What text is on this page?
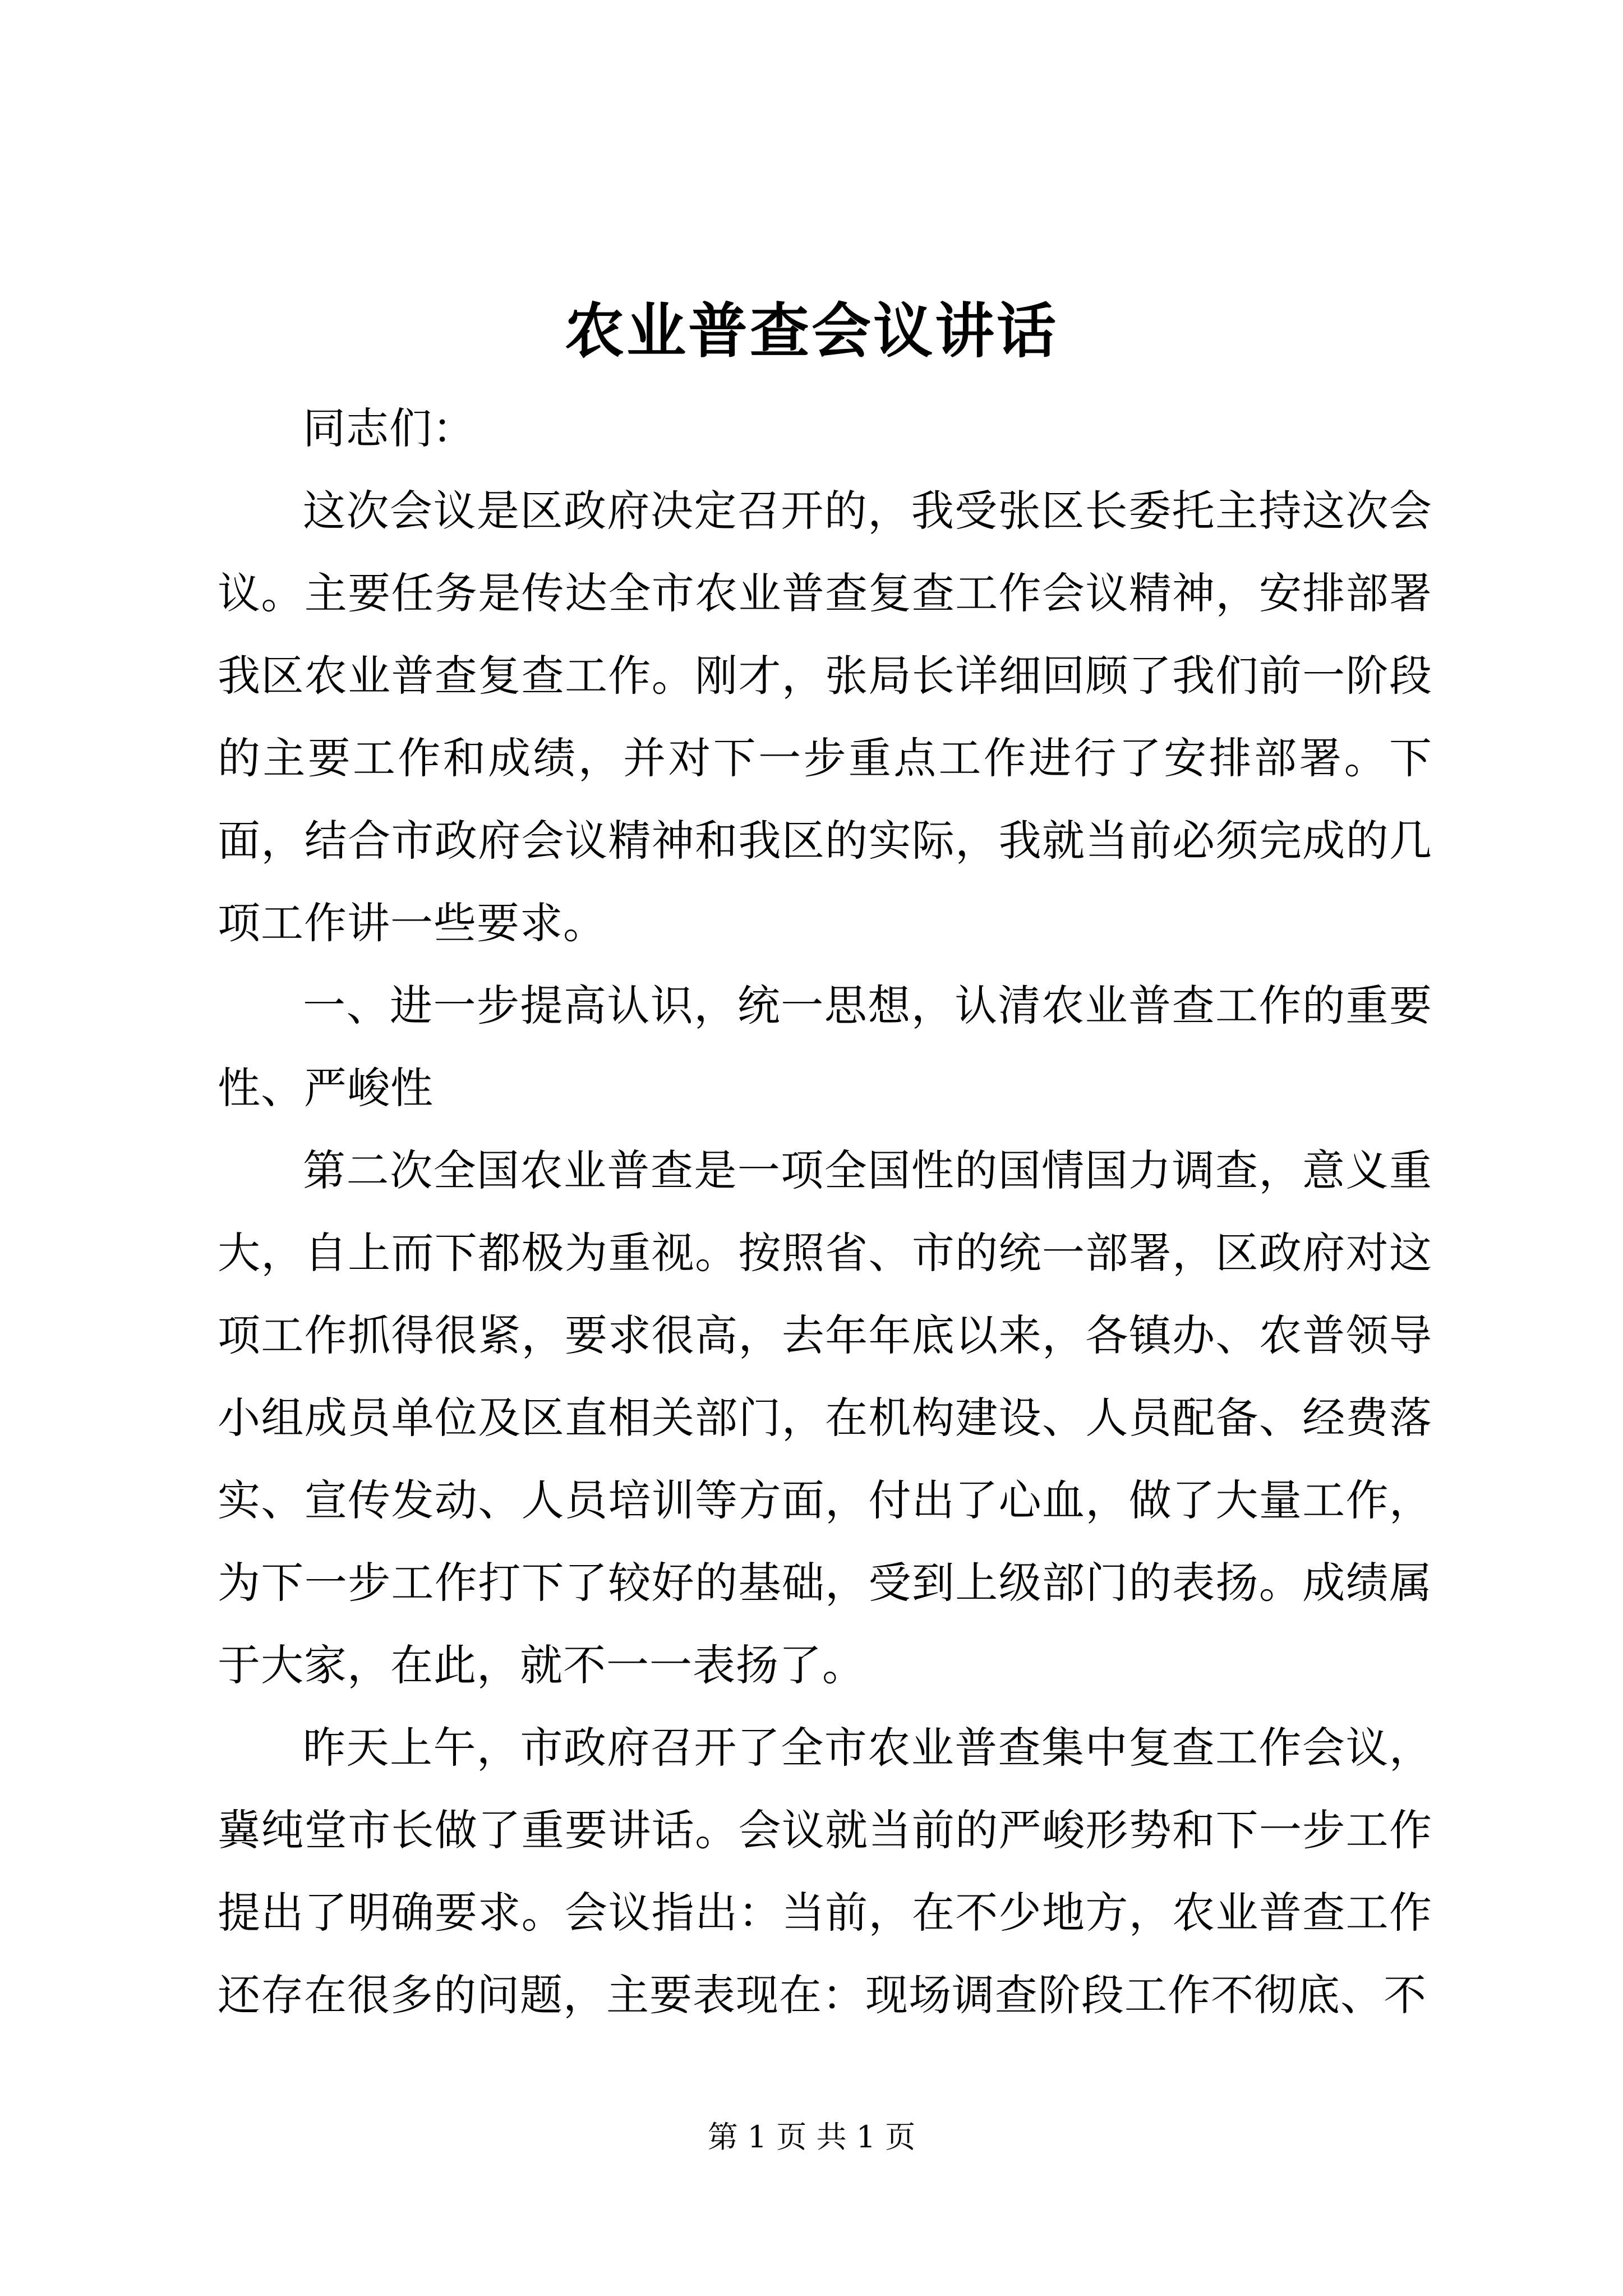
农业普查会议讲话

同志们：

这次会议是区政府决定召开的，我受张区长委托主持这次会议。主要任务是传达全市农业普查复查工作会议精神，安排部署我区农业普查复查工作。刚才，张局长详细回顾了我们前一阶段的主要工作和成绩，并对下一步重点工作进行了安排部署。下面，结合市政府会议精神和我区的实际，我就当前必须完成的几项工作讲一些要求。

一、进一步提高认识，统一思想，认清农业普查工作的重要性、严峻性

第二次全国农业普查是一项全国性的国情国力调查，意义重大，自上而下都极为重视。按照省、市的统一部署，区政府对这项工作抓得很紧，要求很高，去年年底以来，各镇办、农普领导小组成员单位及区直相关部门，在机构建设、人员配备、经费落实、宣传发动、人员培训等方面，付出了心血，做了大量工作，为下一步工作打下了较好的基础，受到上级部门的表扬。成绩属于大家，在此，就不一一表扬了。

昨天上午，市政府召开了全市农业普查集中复查工作会议，冀纯堂市长做了重要讲话。会议就当前的严峻形势和下一步工作提出了明确要求。会议指出：当前，在不少地方，农业普查工作还存在很多的问题，主要表现在：现场调查阶段工作不彻底、不

第 1 页 共 1 页
